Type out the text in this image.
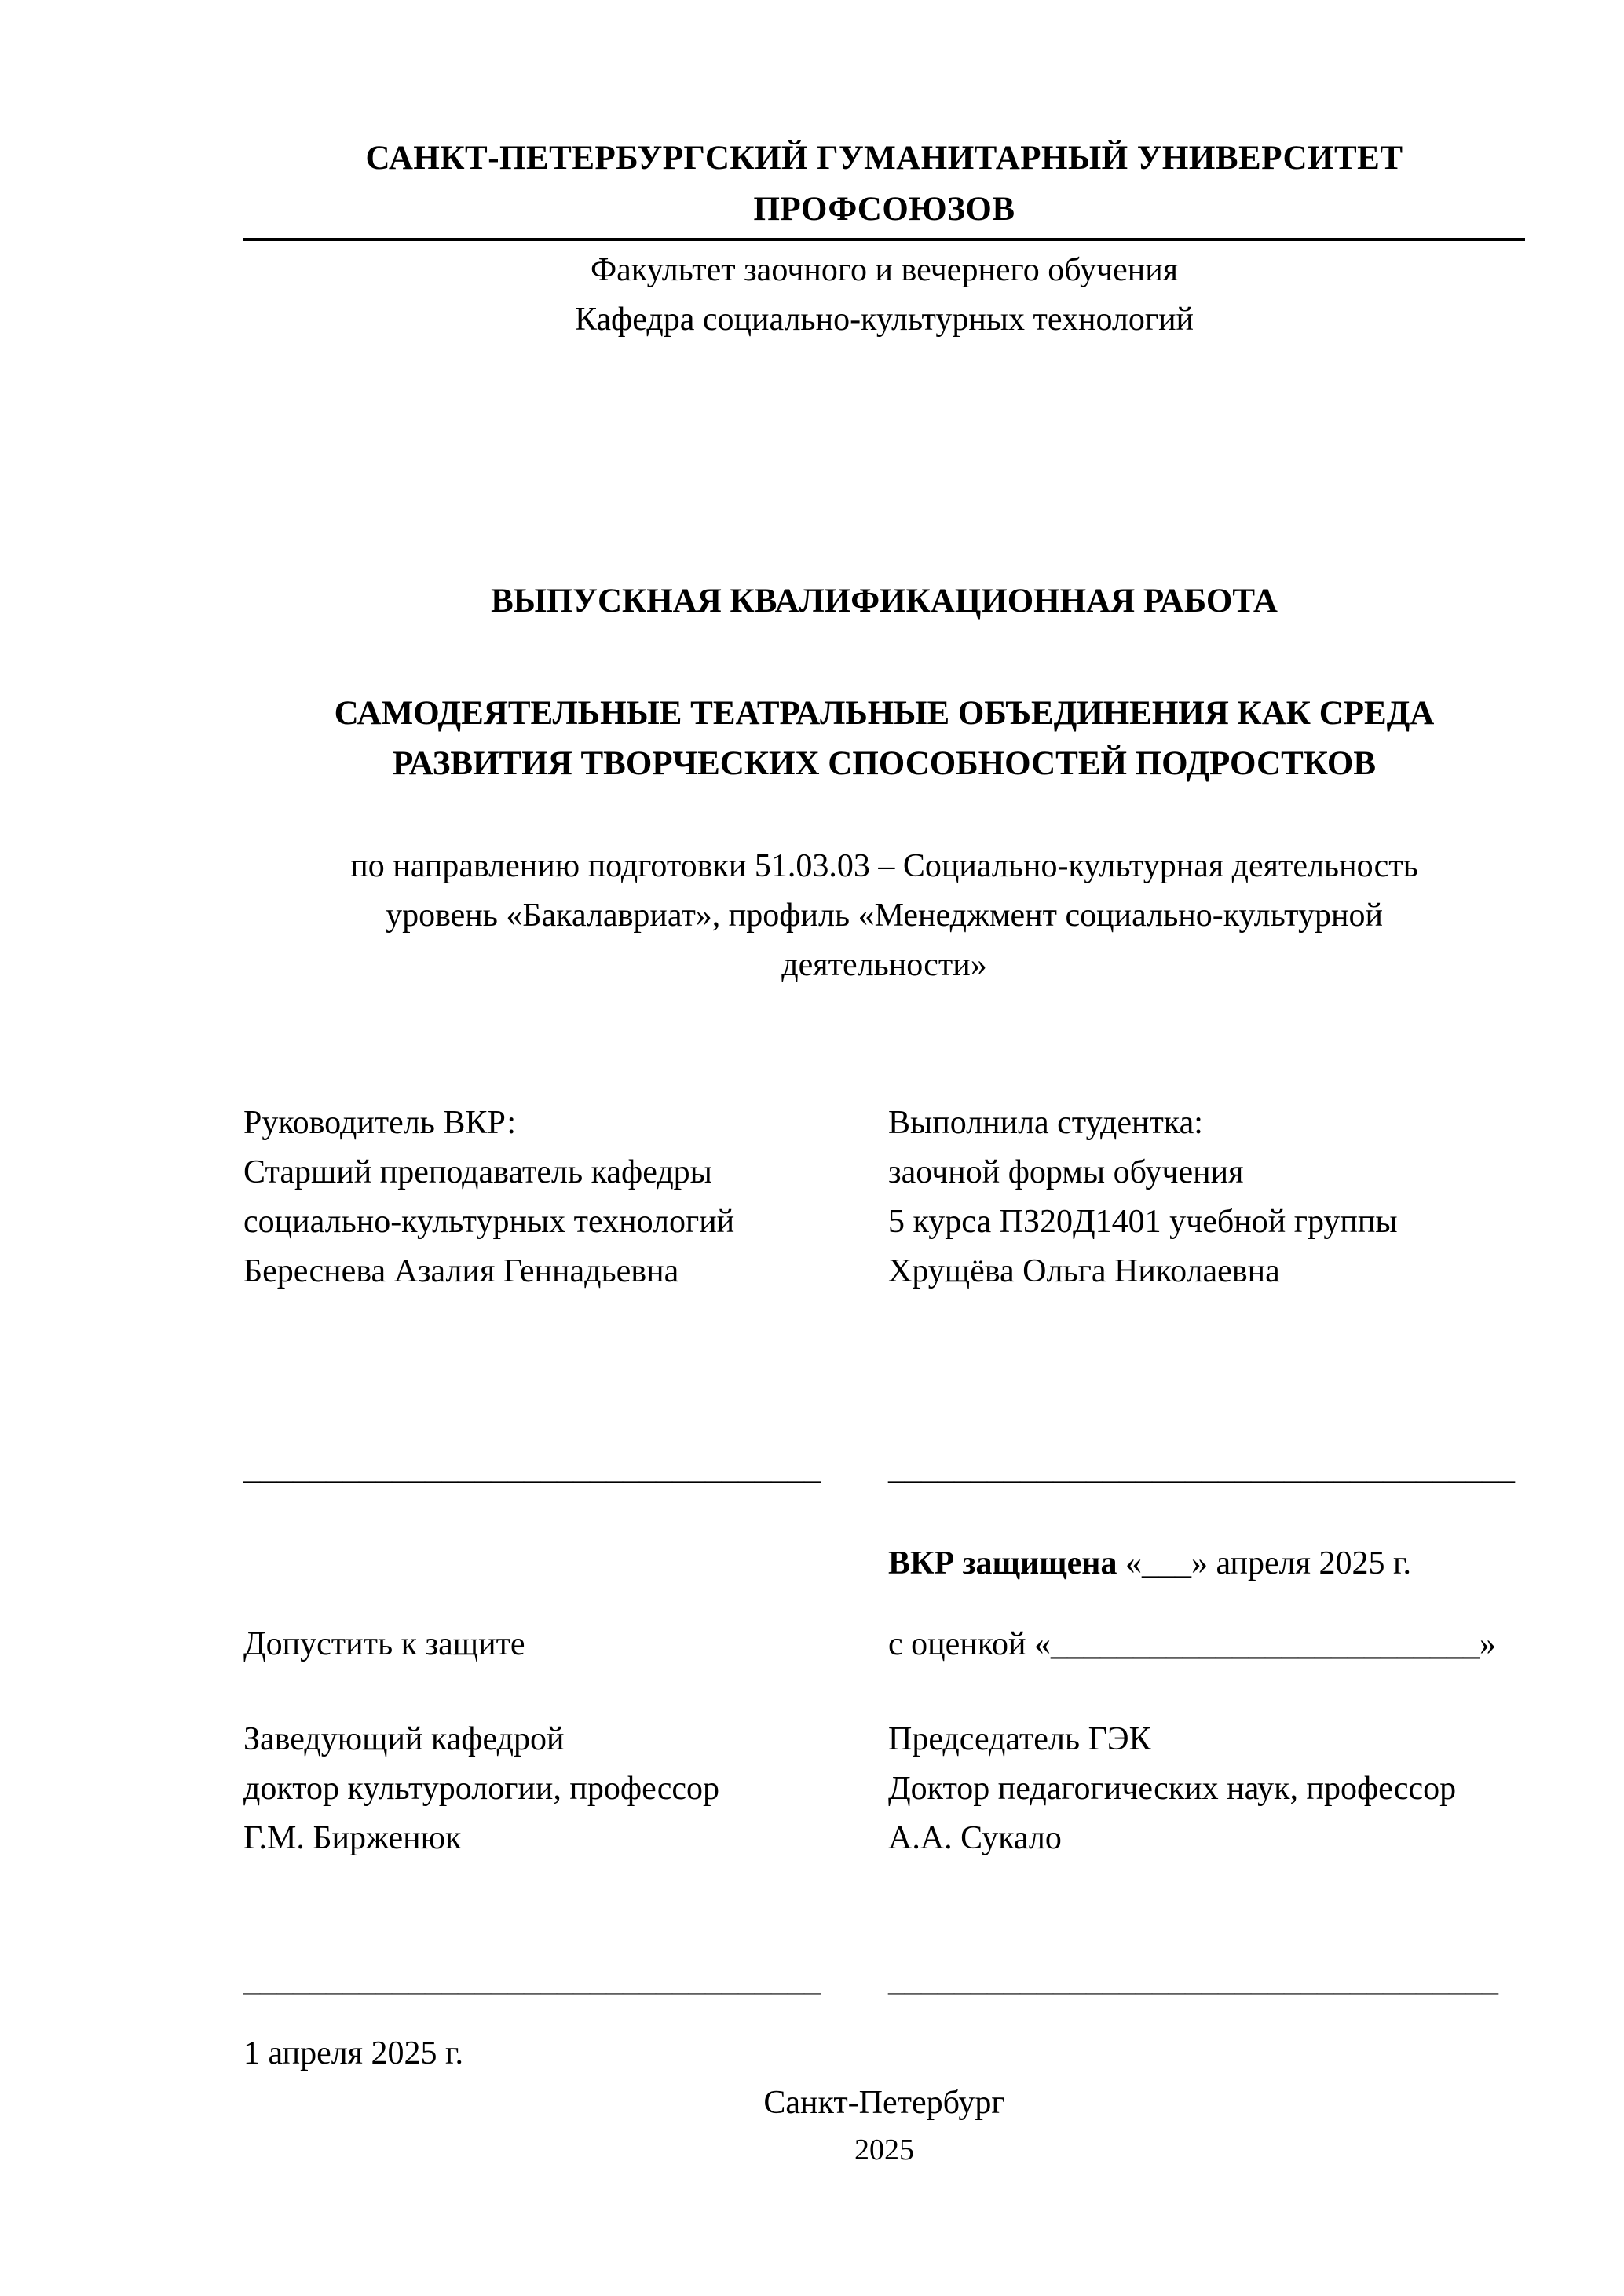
САНКТ-ПЕТЕРБУРГСКИЙ ГУМАНИТАРНЫЙ УНИВЕРСИТЕТ ПРОФСОЮЗОВ
Факультет заочного и вечернего обучения
Кафедра социально-культурных технологий
ВЫПУСКНАЯ КВАЛИФИКАЦИОННАЯ РАБОТА
САМОДЕЯТЕЛЬНЫЕ ТЕАТРАЛЬНЫЕ ОБЪЕДИНЕНИЯ КАК СРЕДА
РАЗВИТИЯ ТВОРЧЕСКИХ СПОСОБНОСТЕЙ ПОДРОСТКОВ
по направлению подготовки 51.03.03 – Социально-культурная деятельность
уровень «Бакалавриат», профиль «Менеджмент социально-культурной
деятельности»
Руководитель ВКР:
Старший преподаватель кафедры
социально-культурных технологий
Береснева Азалия Геннадьевна
Выполнила студентка:
заочной формы обучения
5 курса ПЗ20Д1401 учебной группы
Хрущёва Ольга Николаевна
___________________________________	______________________________________
ВКР защищена «___» апреля 2025 г.
Допустить к защите	с оценкой «__________________________»
Заведующий кафедрой
доктор культурологии, профессор
Г.М. Бирженюк
Председатель ГЭК
Доктор педагогических наук, профессор
А.А. Сукало
___________________________________	_____________________________________
1 апреля 2025 г.
Санкт-Петербург
2025
